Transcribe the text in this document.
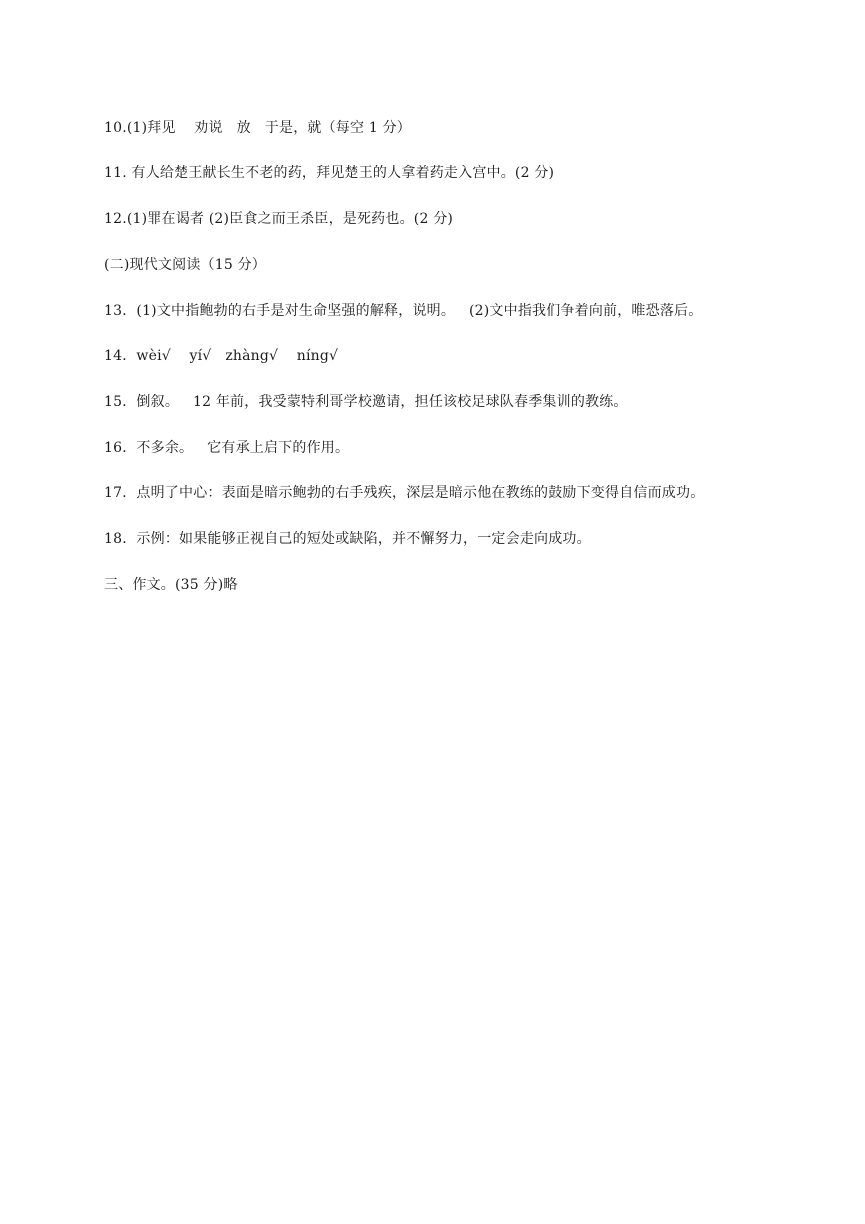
10.(1)拜见    劝说   放   于是，就（每空 1 分）
11. 有人给楚王献长生不老的药，拜见楚王的人拿着药走入宫中。(2 分)
12.(1)罪在谒者 (2)臣食之而王杀臣，是死药也。(2 分)
(二)现代文阅读（15 分）
13．(1)文中指鲍勃的右手是对生命坚强的解释，说明。   (2)文中指我们争着向前，唯恐落后。
14．wèi√    yí√   zhàng√    níng√
15．倒叙。   12 年前，我受蒙特利哥学校邀请，担任该校足球队春季集训的教练。
16．不多余。   它有承上启下的作用。
17．点明了中心：表面是暗示鲍勃的右手残疾，深层是暗示他在教练的鼓励下变得自信而成功。
18．示例：如果能够正视自己的短处或缺陷，并不懈努力，一定会走向成功。
三、作文。(35 分)略
